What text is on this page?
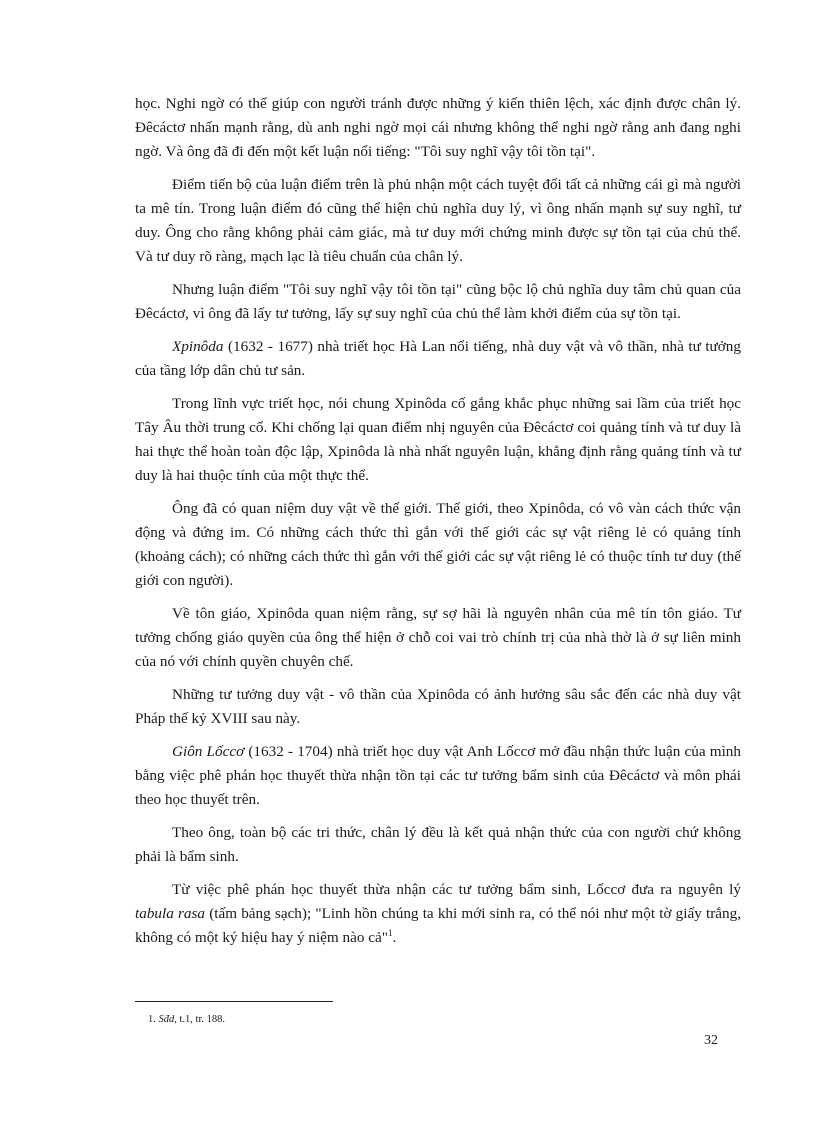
học. Nghi ngờ có thể giúp con người tránh được những ý kiến thiên lệch, xác định được chân lý. Đêcáctơ nhấn mạnh rằng, dù anh nghi ngờ mọi cái nhưng không thể nghi ngờ rằng anh đang nghi ngờ. Và ông đã đi đến một kết luận nổi tiếng: "Tôi suy nghĩ vậy tôi tồn tại".

Điểm tiến bộ của luận điểm trên là phủ nhận một cách tuyệt đối tất cả những cái gì mà người ta mê tín. Trong luận điểm đó cũng thể hiện chủ nghĩa duy lý, vì ông nhấn mạnh sự suy nghĩ, tư duy. Ông cho rằng không phải cảm giác, mà tư duy mới chứng minh được sự tồn tại của chủ thể. Và tư duy rõ ràng, mạch lạc là tiêu chuẩn của chân lý.

Nhưng luận điểm "Tôi suy nghĩ vậy tôi tồn tại" cũng bộc lộ chủ nghĩa duy tâm chủ quan của Đêcáctơ, vì ông đã lấy tư tưởng, lấy sự suy nghĩ của chủ thể làm khởi điểm của sự tồn tại.

Xpinôda (1632 - 1677) nhà triết học Hà Lan nổi tiếng, nhà duy vật và vô thần, nhà tư tưởng của tầng lớp dân chủ tư sản.

Trong lĩnh vực triết học, nói chung Xpinôda cố gắng khắc phục những sai lầm của triết học Tây Âu thời trung cổ. Khi chống lại quan điểm nhị nguyên của Đêcáctơ coi quảng tính và tư duy là hai thực thể hoàn toàn độc lập, Xpinôda là nhà nhất nguyên luận, khẳng định rằng quảng tính và tư duy là hai thuộc tính của một thực thể.

Ông đã có quan niệm duy vật về thế giới. Thế giới, theo Xpinôda, có vô vàn cách thức vận động và đứng im. Có những cách thức thì gắn với thế giới các sự vật riêng lẻ có quảng tính (khoảng cách); có những cách thức thì gắn với thế giới các sự vật riêng lẻ có thuộc tính tư duy (thế giới con người).

Về tôn giáo, Xpinôda quan niệm rằng, sự sợ hãi là nguyên nhân của mê tín tôn giáo. Tư tưởng chống giáo quyền của ông thể hiện ở chỗ coi vai trò chính trị của nhà thờ là ở sự liên minh của nó với chính quyền chuyên chế.

Những tư tưởng duy vật - vô thần của Xpinôda có ảnh hưởng sâu sắc đến các nhà duy vật Pháp thế kỷ XVIII sau này.

Giôn Lốccơ (1632 - 1704) nhà triết học duy vật Anh Lốccơ mở đầu nhận thức luận của mình bằng việc phê phán học thuyết thừa nhận tồn tại các tư tưởng bẩm sinh của Đêcáctơ và môn phái theo học thuyết trên.

Theo ông, toàn bộ các tri thức, chân lý đều là kết quả nhận thức của con người chứ không phải là bẩm sinh.

Từ việc phê phán học thuyết thừa nhận các tư tưởng bẩm sinh, Lốccơ đưa ra nguyên lý tabula rasa (tấm bảng sạch); "Linh hồn chúng ta khi mới sinh ra, có thể nói như một tờ giấy trắng, không có một ký hiệu hay ý niệm nào cả"$^1$.

1. Sđd, t.1, tr. 188.
32
